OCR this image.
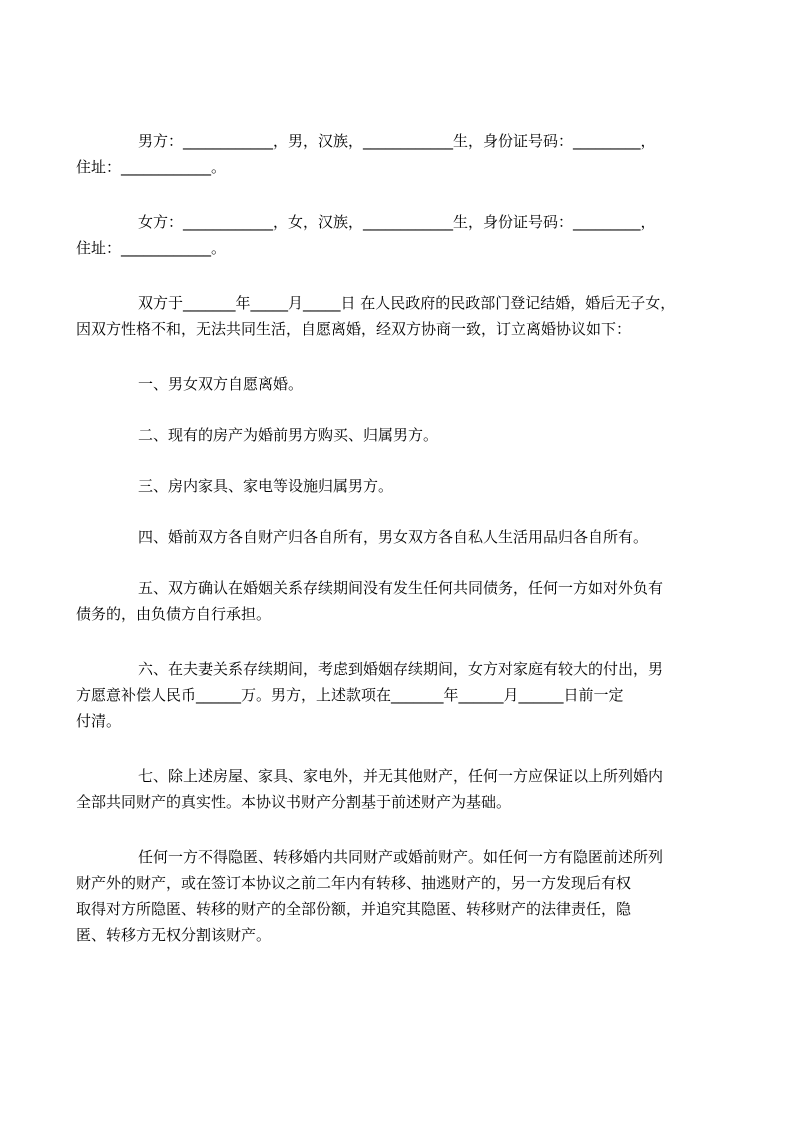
男方：____________，男，汉族，____________生，身份证号码：_________，
住址：____________。

女方：____________，女，汉族，____________生，身份证号码：_________，
住址：____________。

双方于_______年_____月_____日 在人民政府的民政部门登记结婚，婚后无子女，
因双方性格不和，无法共同生活，自愿离婚，经双方协商一致，订立离婚协议如下：

一、男女双方自愿离婚。

二、现有的房产为婚前男方购买、归属男方。

三、房内家具、家电等设施归属男方。

四、婚前双方各自财产归各自所有，男女双方各自私人生活用品归各自所有。

五、双方确认在婚姻关系存续期间没有发生任何共同债务，任何一方如对外负有
债务的，由负债方自行承担。

六、在夫妻关系存续期间，考虑到婚姻存续期间，女方对家庭有较大的付出，男
方愿意补偿人民币______万。男方，上述款项在_______年______月______日前一定
付清。

七、除上述房屋、家具、家电外，并无其他财产，任何一方应保证以上所列婚内
全部共同财产的真实性。本协议书财产分割基于前述财产为基础。

任何一方不得隐匿、转移婚内共同财产或婚前财产。如任何一方有隐匿前述所列
财产外的财产，或在签订本协议之前二年内有转移、抽逃财产的，另一方发现后有权
取得对方所隐匿、转移的财产的全部份额，并追究其隐匿、转移财产的法律责任，隐
匿、转移方无权分割该财产。
